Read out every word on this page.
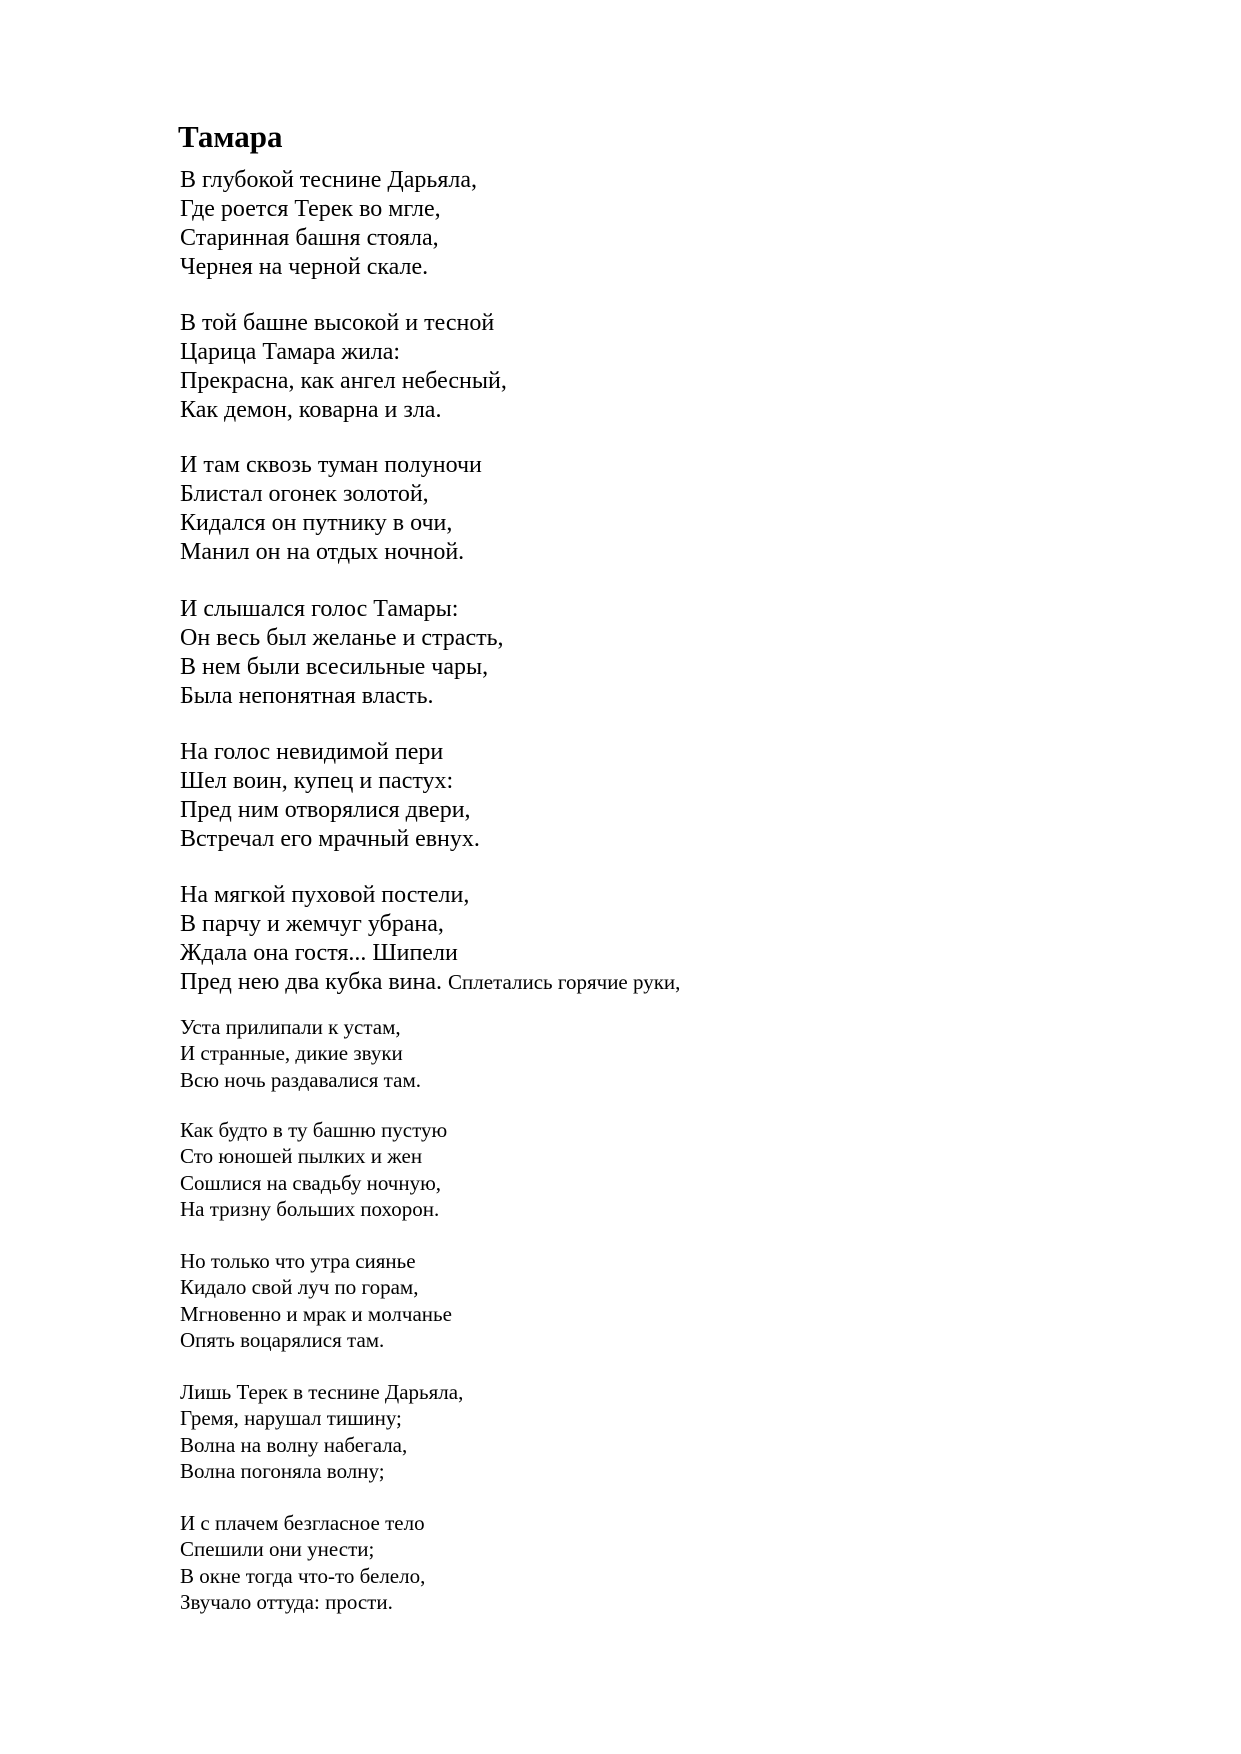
Тамара
В глубокой теснине Дарьяла,
Где роется Терек во мгле,
Старинная башня стояла,
Чернея на черной скале.
В той башне высокой и тесной
Царица Тамара жила:
Прекрасна, как ангел небесный,
Как демон, коварна и зла.
И там сквозь туман полуночи
Блистал огонек золотой,
Кидался он путнику в очи,
Манил он на отдых ночной.
И слышался голос Тамары:
Он весь был желанье и страсть,
В нем были всесильные чары,
Была непонятная власть.
На голос невидимой пери
Шел воин, купец и пастух:
Пред ним отворялися двери,
Встречал его мрачный евнух.
На мягкой пуховой постели,
В парчу и жемчуг убрана,
Ждала она гостя... Шипели
Пред нею два кубка вина. Сплетались горячие руки,
Уста прилипали к устам,
И странные, дикие звуки
Всю ночь раздавалися там.
Как будто в ту башню пустую
Сто юношей пылких и жен
Сошлися на свадьбу ночную,
На тризну больших похорон.
Но только что утра сиянье
Кидало свой луч по горам,
Мгновенно и мрак и молчанье
Опять воцарялися там.
Лишь Терек в теснине Дарьяла,
Гремя, нарушал тишину;
Волна на волну набегала,
Волна погоняла волну;
И с плачем безгласное тело
Спешили они унести;
В окне тогда что-то белело,
Звучало оттуда: прости.
